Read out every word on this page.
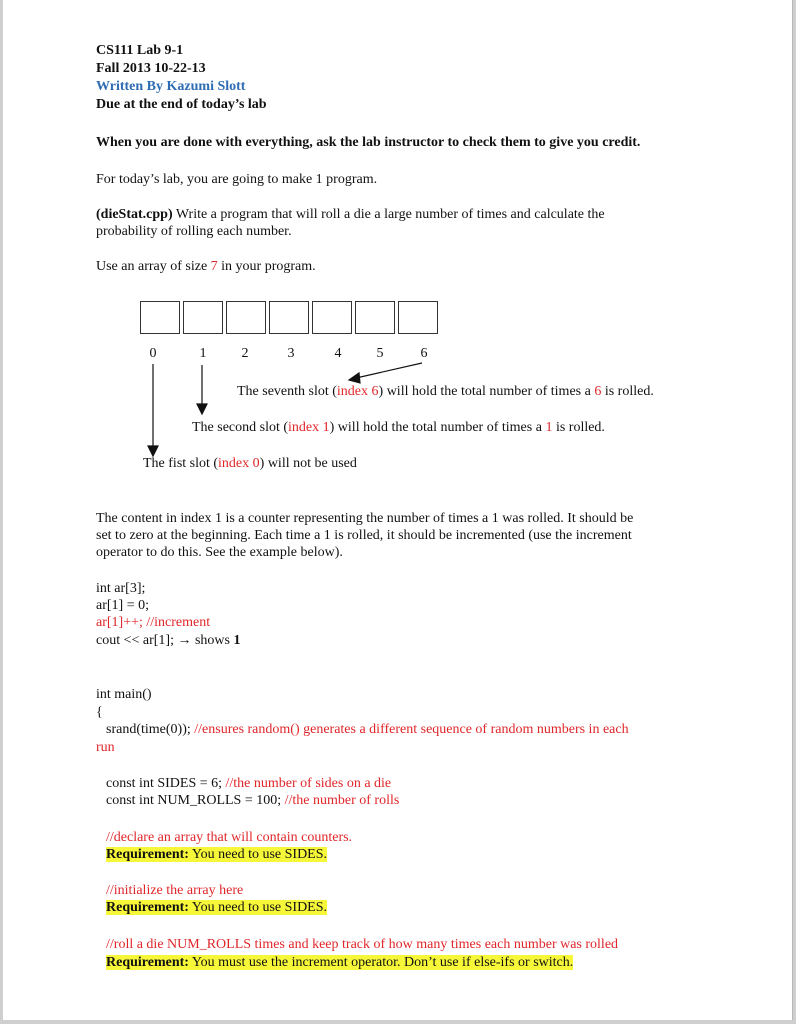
CS111 Lab 9-1
Fall 2013 10-22-13
Written By Kazumi Slott
Due at the end of today’s lab
When you are done with everything, ask the lab instructor to check them to give you credit.
For today’s lab, you are going to make 1 program.
(dieStat.cpp) Write a program that will roll a die a large number of times and calculate the
probability of rolling each number.
Use an array of size 7 in your program.
0	1	2	3	4	5	6
The seventh slot (index 6) will hold the total number of times a 6 is rolled.
The second slot (index 1) will hold the total number of times a 1 is rolled.
The fist slot (index 0) will not be used
The content in index 1 is a counter representing the number of times a 1 was rolled. It should be
set to zero at the beginning. Each time a 1 is rolled, it should be incremented (use the increment
operator to do this. See the example below).
int ar[3];
ar[1] = 0;
ar[1]++; //increment
cout << ar[1]; → shows 1
int main()
{
srand(time(0)); //ensures random() generates a different sequence of random numbers in each
run
const int SIDES = 6; //the number of sides on a die
const int NUM_ROLLS = 100; //the number of rolls
//declare an array that will contain counters.
Requirement: You need to use SIDES.
//initialize the array here
Requirement: You need to use SIDES.
//roll a die NUM_ROLLS times and keep track of how many times each number was rolled
Requirement: You must use the increment operator. Don’t use if else-ifs or switch.
